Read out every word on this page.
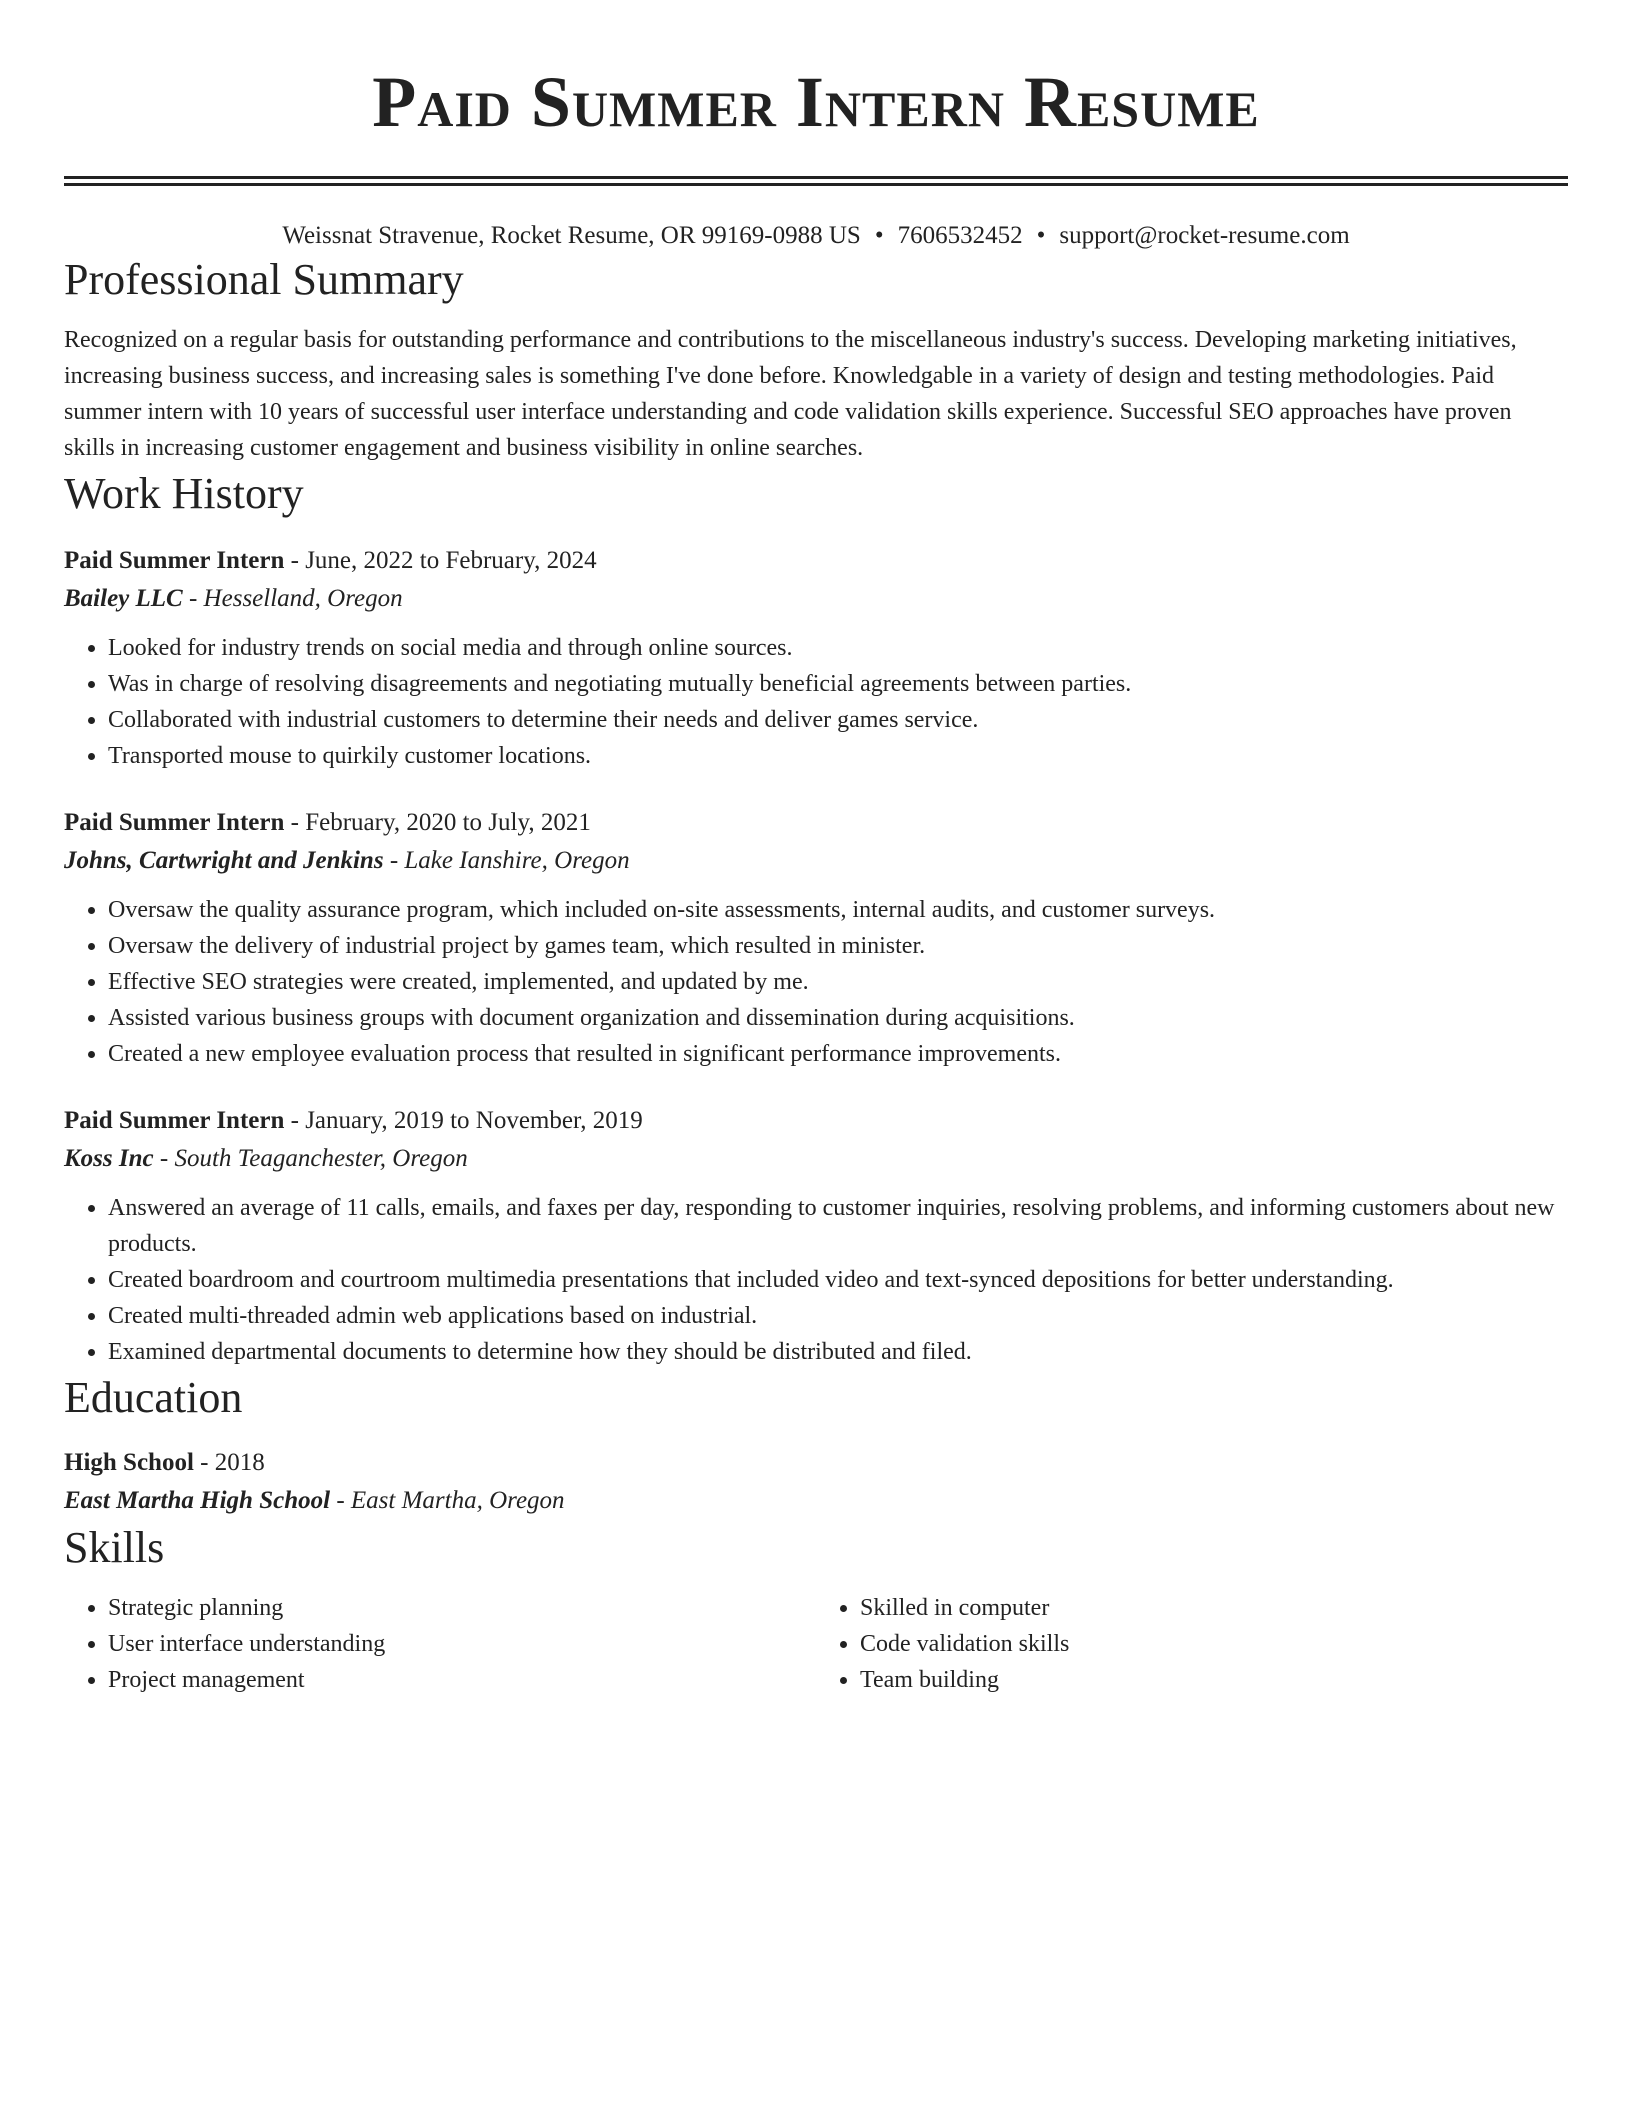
Paid Summer Intern Resume
Weissnat Stravenue, Rocket Resume, OR 99169-0988 US • 7606532452 • support@rocket-resume.com
Professional Summary

Recognized on a regular basis for outstanding performance and contributions to the miscellaneous industry's success. Developing marketing initiatives, increasing business success, and increasing sales is something I've done before. Knowledgable in a variety of design and testing methodologies. Paid summer intern with 10 years of successful user interface understanding and code validation skills experience. Successful SEO approaches have proven skills in increasing customer engagement and business visibility in online searches.

Work History
Paid Summer Intern - June, 2022 to February, 2024
Bailey LLC - Hesselland, Oregon
• Looked for industry trends on social media and through online sources.
• Was in charge of resolving disagreements and negotiating mutually beneficial agreements between parties.
• Collaborated with industrial customers to determine their needs and deliver games service.
• Transported mouse to quirkily customer locations.
Paid Summer Intern - February, 2020 to July, 2021
Johns, Cartwright and Jenkins - Lake Ianshire, Oregon
• Oversaw the quality assurance program, which included on-site assessments, internal audits, and customer surveys.
• Oversaw the delivery of industrial project by games team, which resulted in minister.
• Effective SEO strategies were created, implemented, and updated by me.
• Assisted various business groups with document organization and dissemination during acquisitions.
• Created a new employee evaluation process that resulted in significant performance improvements.
Paid Summer Intern - January, 2019 to November, 2019
Koss Inc - South Teaganchester, Oregon
• Answered an average of 11 calls, emails, and faxes per day, responding to customer inquiries, resolving problems, and informing customers about new products.
• Created boardroom and courtroom multimedia presentations that included video and text-synced depositions for better understanding.
• Created multi-threaded admin web applications based on industrial.
• Examined departmental documents to determine how they should be distributed and filed.
Education
High School - 2018
East Martha High School - East Martha, Oregon
Skills
• Strategic planning
• User interface understanding
• Project management
• Skilled in computer
• Code validation skills
• Team building
